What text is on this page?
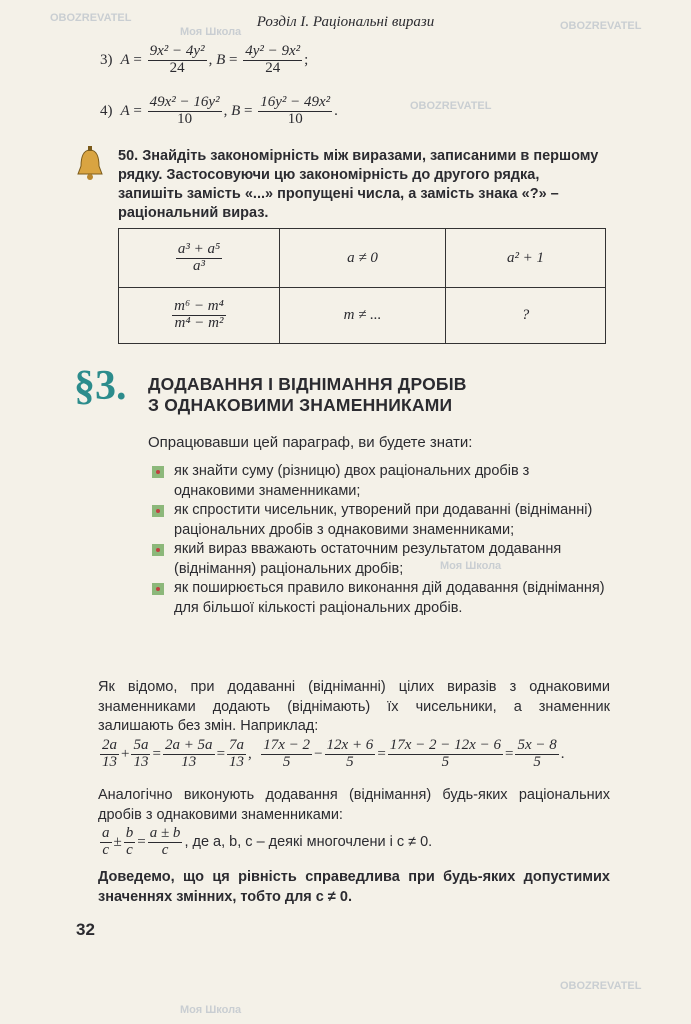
Розділ І. Раціональні вирази
3) $A = \frac{\text{9x² − 4y²}}{24}$ , $B = \frac{\text{4y² − 9x²}}{24}$ ;
4) $A = \frac{\text{49x² − 16y²}}{10}$ , $B = \frac{\text{16y² − 49x²}}{10}$ .
50. Знайдіть закономірність між виразами, записаними в першому рядку. Застосовуючи цю закономірність до другого рядка, запишіть замість «...» пропущені числа, а замість знака «?» – раціональний вираз.
$\frac{\text{a³ + a⁵}}{\text{a³}}$	a ≠ 0	a² + 1

$\frac{\text{m⁶ − m⁴}}{\text{m⁴ − m²}}$	m ≠ ...	?
§3. ДОДАВАННЯ І ВІДНІМАННЯ ДРОБІВ
З ОДНАКОВИМИ ЗНАМЕННИКАМИ
Опрацювавши цей параграф, ви будете знати:
як знайти суму (різницю) двох раціональних дробів з однаковими знаменниками;
як спростити чисельник, утворений при додаванні (відніманні) раціональних дробів з однаковими знаменниками;
який вираз вважають остаточним результатом додавання (віднімання) раціональних дробів;
як поширюється правило виконання дій додавання (віднімання) для більшої кількості раціональних дробів.
Як відомо, при додаванні (відніманні) цілих виразів з однаковими знаменниками додають (віднімають) їх чисельники, а знаменник залишають без змін. Наприклад:
$\frac{2a}{13} + \frac{5a}{13} = \frac{2a + 5a}{13} = \frac{7a}{13}$ , $\frac{17x - 2}{5} - \frac{12x + 6}{5} = \frac{17x - 2 - 12x - 6}{5} = \frac{5x - 8}{5}$ .
Аналогічно виконують додавання (віднімання) будь-яких раціональних дробів з однаковими знаменниками:
$\frac{a}{c} \pm \frac{b}{c} = \frac{a \pm b}{c}$ , де a, b, c – деякі многочлени і c ≠ 0.
Доведемо, що ця рівність справедлива при будь-яких допустимих значеннях змінних, тобто для c ≠ 0.
32
OBOZREVATEL
OBOZREVATEL
OBOZREVATEL
Моя Школа
Моя Школа
OBOZREVATEL
Моя Школа
